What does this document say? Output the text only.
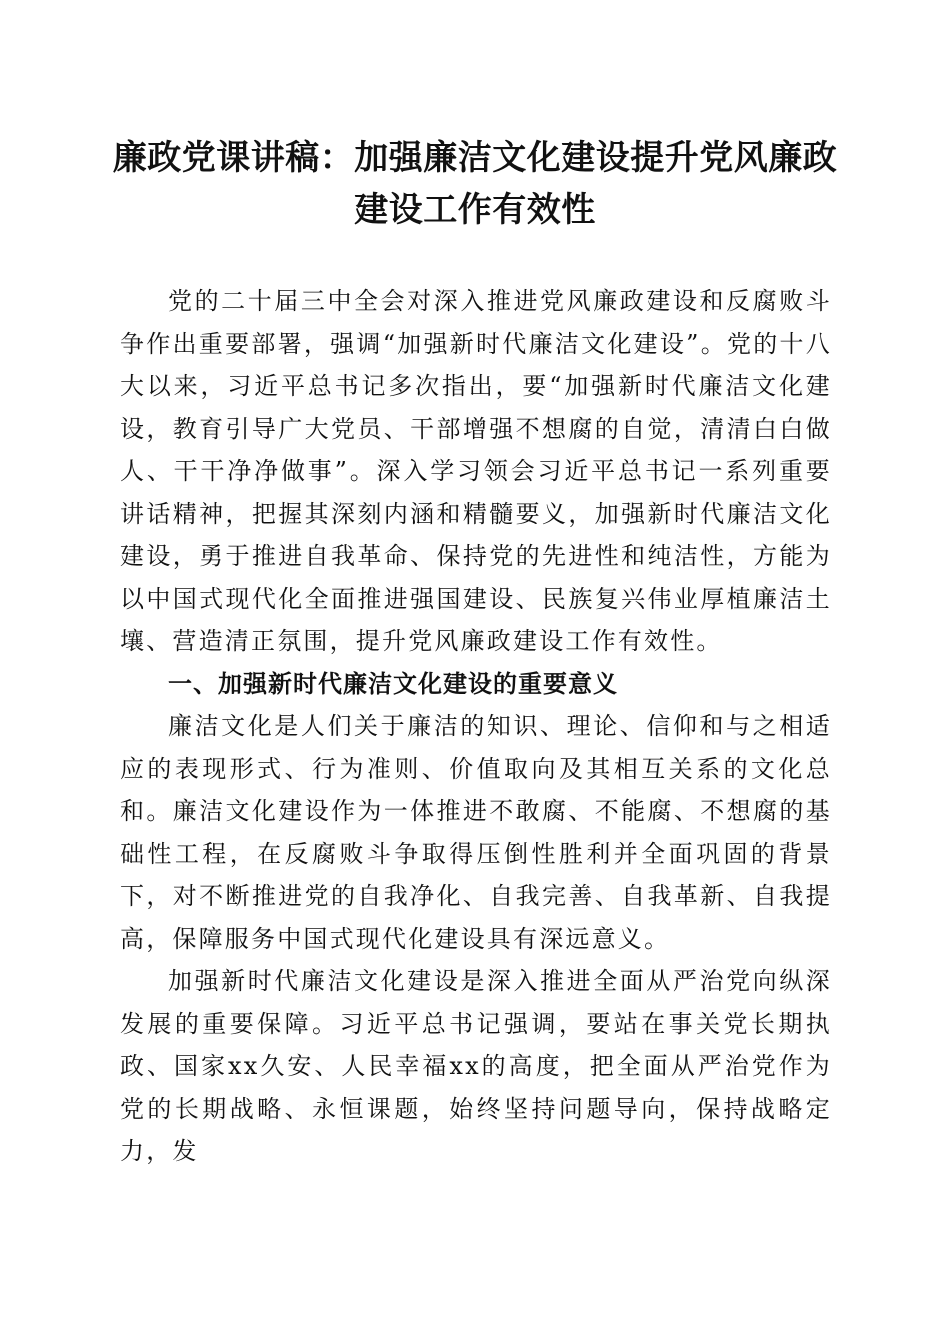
廉政党课讲稿：加强廉洁文化建设提升党风廉政建设工作有效性

党的二十届三中全会对深入推进党风廉政建设和反腐败斗争作出重要部署，强调“加强新时代廉洁文化建设”。党的十八大以来，习近平总书记多次指出，要“加强新时代廉洁文化建设，教育引导广大党员、干部增强不想腐的自觉，清清白白做人、干干净净做事”。深入学习领会习近平总书记一系列重要讲话精神，把握其深刻内涵和精髓要义，加强新时代廉洁文化建设，勇于推进自我革命、保持党的先进性和纯洁性，方能为以中国式现代化全面推进强国建设、民族复兴伟业厚植廉洁土壤、营造清正氛围，提升党风廉政建设工作有效性。

一、加强新时代廉洁文化建设的重要意义

廉洁文化是人们关于廉洁的知识、理论、信仰和与之相适应的表现形式、行为准则、价值取向及其相互关系的文化总和。廉洁文化建设作为一体推进不敢腐、不能腐、不想腐的基础性工程，在反腐败斗争取得压倒性胜利并全面巩固的背景下，对不断推进党的自我净化、自我完善、自我革新、自我提高，保障服务中国式现代化建设具有深远意义。

加强新时代廉洁文化建设是深入推进全面从严治党向纵深发展的重要保障。习近平总书记强调，要站在事关党长期执政、国家xx久安、人民幸福xx的高度，把全面从严治党作为党的长期战略、永恒课题，始终坚持问题导向，保持战略定力，发
